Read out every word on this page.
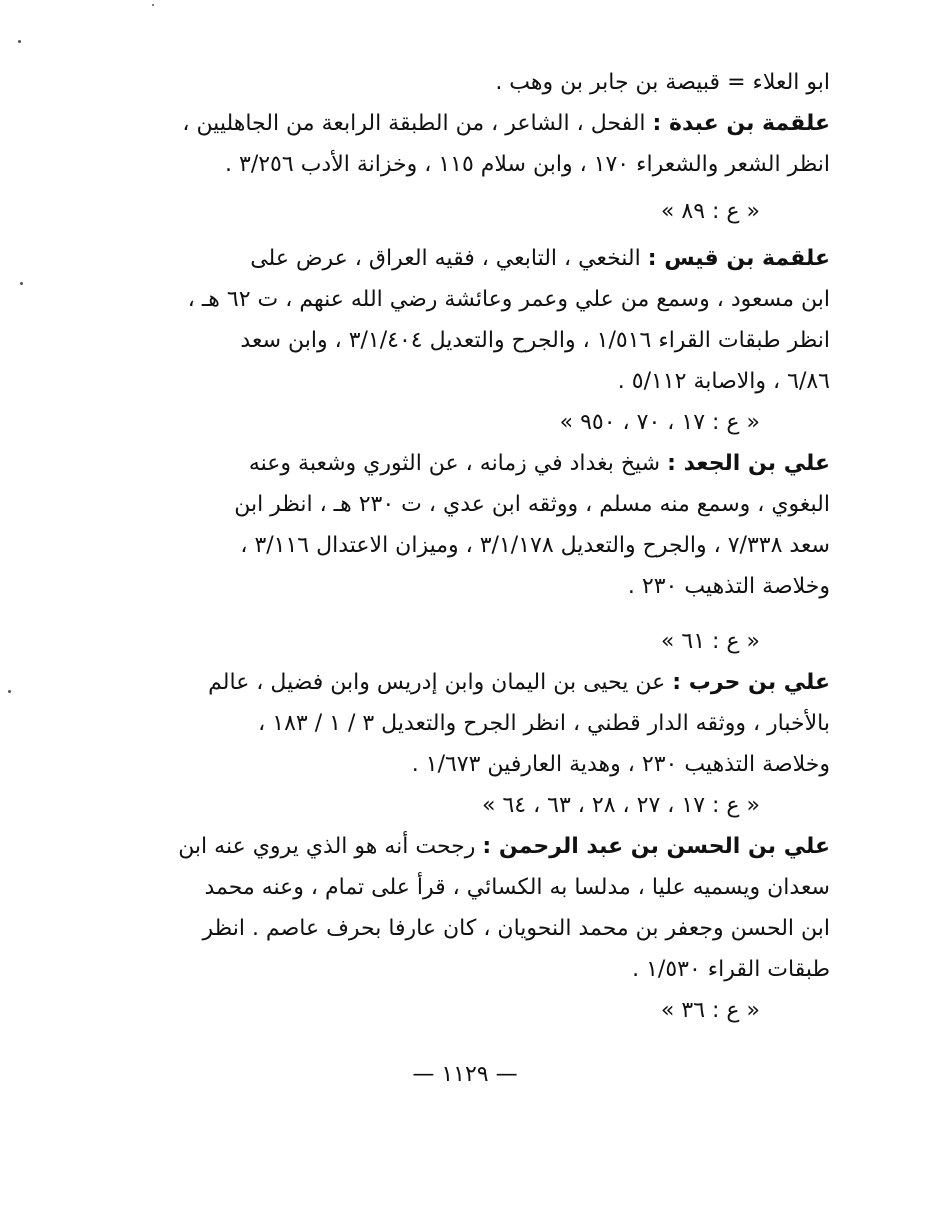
ابو العلاء = قبيصة بن جابر بن وهب .
علقمة بن عبدة : الفحل ، الشاعر ، من الطبقة الرابعة من الجاهليين ،
انظر الشعر والشعراء ١٧٠ ، وابن سلام ١١٥ ، وخزانة الأدب ٣/٢٥٦ .
« ع : ٨٩ »
علقمة بن قيس : النخعي ، التابعي ، فقيه العراق ، عرض على
ابن مسعود ، وسمع من علي وعمر وعائشة رضي الله عنهم ، ت ٦٢ هـ ،
انظر طبقات القراء ١/٥١٦ ، والجرح والتعديل ٣/١/٤٠٤ ، وابن سعد
٦/٨٦ ، والاصابة ٥/١١٢ .
« ع : ١٧ ، ٧٠ ، ٩٥٠ »
علي بن الجعد : شيخ بغداد في زمانه ، عن الثوري وشعبة وعنه
البغوي ، وسمع منه مسلم ، ووثقه ابن عدي ، ت ٢٣٠ هـ ، انظر ابن
سعد ٧/٣٣٨ ، والجرح والتعديل ٣/١/١٧٨ ، وميزان الاعتدال ٣/١١٦ ،
وخلاصة التذهيب ٢٣٠ .
« ع : ٦١ »
علي بن حرب : عن يحيى بن اليمان وابن إدريس وابن فضيل ، عالم
بالأخبار ، ووثقه الدار قطني ، انظر الجرح والتعديل ٣ / ١ / ١٨٣ ،
وخلاصة التذهيب ٢٣٠ ، وهدية العارفين ١/٦٧٣ .
« ع : ١٧ ، ٢٧ ، ٢٨ ، ٦٣ ، ٦٤ »
علي بن الحسن بن عبد الرحمن : رجحت أنه هو الذي يروي عنه ابن
سعدان ويسميه عليا ، مدلسا به الكسائي ، قرأ على تمام ، وعنه محمد
ابن الحسن وجعفر بن محمد النحويان ، كان عارفا بحرف عاصم . انظر
طبقات القراء ١/٥٣٠ .
« ع : ٣٦ »
— ١١٢٩ —
